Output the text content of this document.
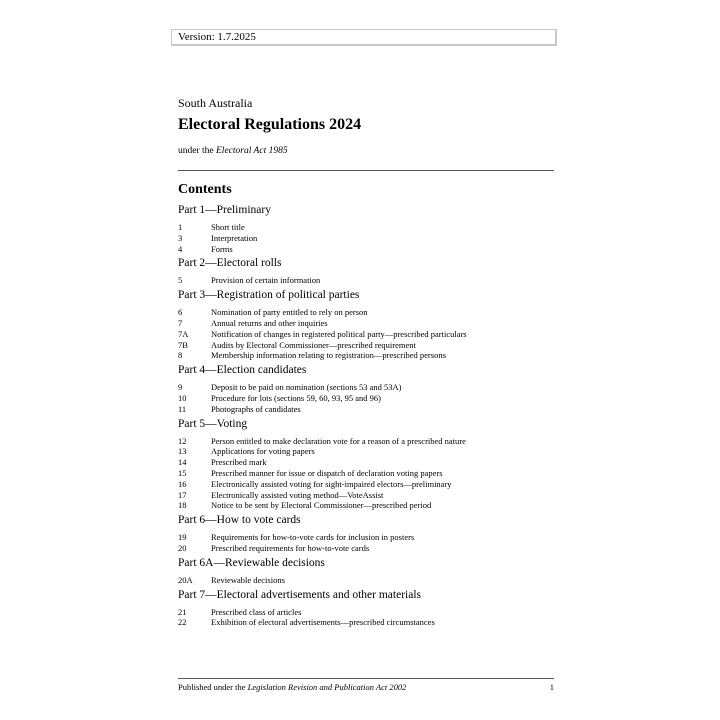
Version: 1.7.2025
South Australia
Electoral Regulations 2024
under the Electoral Act 1985
Contents
Part 1—Preliminary
1	Short title
3	Interpretation
4	Forms
Part 2—Electoral rolls
5	Provision of certain information
Part 3—Registration of political parties
6	Nomination of party entitled to rely on person
7	Annual returns and other inquiries
7A	Notification of changes in registered political party—prescribed particulars
7B	Audits by Electoral Commissioner—prescribed requirement
8	Membership information relating to registration—prescribed persons
Part 4—Election candidates
9	Deposit to be paid on nomination (sections 53 and 53A)
10	Procedure for lots (sections 59, 60, 93, 95 and 96)
11	Photographs of candidates
Part 5—Voting
12	Person entitled to make declaration vote for a reason of a prescribed nature
13	Applications for voting papers
14	Prescribed mark
15	Prescribed manner for issue or dispatch of declaration voting papers
16	Electronically assisted voting for sight-impaired electors—preliminary
17	Electronically assisted voting method—VoteAssist
18	Notice to be sent by Electoral Commissioner—prescribed period
Part 6—How to vote cards
19	Requirements for how-to-vote cards for inclusion in posters
20	Prescribed requirements for how-to-vote cards
Part 6A—Reviewable decisions
20A	Reviewable decisions
Part 7—Electoral advertisements and other materials
21	Prescribed class of articles
22	Exhibition of electoral advertisements—prescribed circumstances
Published under the Legislation Revision and Publication Act 2002	1
